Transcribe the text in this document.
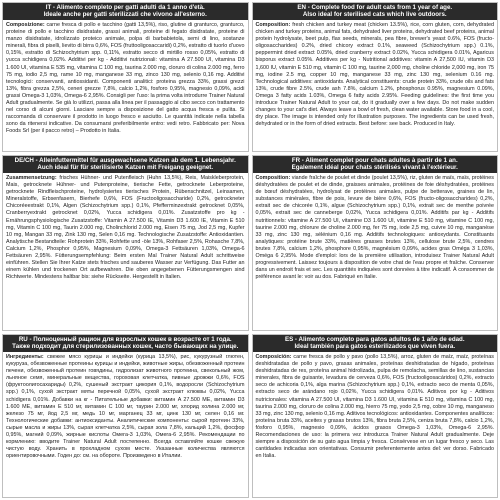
IT - Alimento completo per gatti adulti da 1 anno d'età.
Ideale anche per gatti sterilizzati che vivono all'esterno.

Composizione: carne fresca di pollo e tacchino (gatti 13,5%), riso, glutine di granturco, granturco, proteine di pollo e tacchino disidratate, grassi animali, proteine di fegato disidratate, proteine di manzo disidratate, idrolizzato proteico animale, polpa di barbabietola, semi di lino, sostanze minerali, fibra di piselli, lievito di birra 0,6%, FOS (fruttooligosaccaridi) 0,2%, estratto di tuorlo d'uovo 0,15%, estratto di Schizochytrium spp. 0,11%, estratto secco di mirtillo rosso 0,05%, estratto di yucca schidigera 0,02%. Additivi per kg - Additivi nutrizionali: vitamina A 27.500 UI, vitamina D3 1.600 UI, vitamina E 535 mg, vitamina C 100 mg, taurina 2.000 mg, cloruro di colina 2.000 mg, ferro 75 mg, iodio 2,5 mg, rame 10 mg, manganese 33 mg, zinco 130 mg, selenio 0,16 mg. Additivi tecnologici: conservanti, antiossidanti. Componenti analitici: proteina grezza 33%, grassi grezzi 13%, fibra grezza 2,5%, ceneri grezze 7,8%, calcio 1,2%, fosforo 0,95%, magnesio 0,09%, acidi grassi Omega-3 1,03%, Omega-6 2,95%. Consigli per l'uso: la prima volta introdurre Trainer Natural Adult gradualmente. Se già lo utilizzi, passa alla linea per il passaggio al cibo secco con trattamento nel corso di alcuni giorni. Lasciare sempre a disposizione del gatto acqua fresca e pulita. Si raccomanda di conservare il prodotto in luogo fresco e asciutto. Le quantità indicate nella tabella sono da ritenersi indicative. Da consumarsi preferibilmente entro: vedi retro. Fabbricato per: Nova Foods Srl (per il pacco retro) – Prodotto in Italia.

EN - Complete food for adult cats from 1 year of age.
Also ideal for sterilised cats which live outdoors.

Composition: fresh chicken and turkey meat (chicken 13.5%), rice, corn gluten, corn, dehydrated chicken and turkey proteins, animal fats, dehydrated liver proteins, dehydrated beef proteins, animal protein hydrolysate, beet pulp, flax seeds, minerals, pea fibre, brewer's yeast 0.6%, FOS (fructo-oligosaccharides) 0.2%, dried chicory extract 0.1%, seaweed (Schizochytrium spp.) 0.1%, peppermint dried extract 0.05%, dried cranberry extract 0.02%, Yucca schidigera 0.01%, Agaricus bisporus extract 0.05%. Additives per kg - Nutritional additives: vitamin A 27,500 IU, vitamin D3 1,600 IU, vitamin E 510 mg, vitamin C 100 mg, taurine 2,000 mg, choline chloride 2,000 mg, iron 75 mg, iodine 2.5 mg, copper 10 mg, manganese 33 mg, zinc 130 mg, selenium 0.16 mg. Technological additives: antioxidants. Analytical constituents: crude protein 33%, crude oils and fats 13%, crude fibre 2.5%, crude ash 7.8%, calcium 1.2%, phosphorus 0.95%, magnesium 0.09%, Omega 3 fatty acids 1.03%, Omega 6 fatty acids 2.95%. Feeding guidelines: the first time you introduce Trainer Natural Adult to your cat, do it gradually over a few days. Do not make sudden changes to your cat's diet. Always leave a bowl of fresh, clean water available. Store food in a cool, dry place. The image is intended only for illustration purposes. The ingredients can be used fresh, dehydrated or in the form of dried extracts. Best before: see back. Produced in Italy.

DE/CH - Alleinfuttermittel für ausgewachsene Katzen ab dem 1. Lebensjahr.
Auch ideal für für sterilisierte Katzen mit Freigang geeignet.

Zusammensetzung: frisches Hühner- und Putenfleisch (Huhn 13,5%), Reis, Maiskleberprotein, Mais, getrocknete Hühner- und Putenproteine, tierische Fette, getrocknete Leberproteine, getrocknete Rindfleischproteine, hydrolysiertes tierisches Protein, Rübenschnitzel, Leinsamen, Mineralstoffe, Erbsenfasern, Bierhefe 0,6%, FOS (Fructooligosaccharide) 0,2%, getrockneter Chicoréeextrakt 0,1%, Algen (Schizochytrium spp.) 0,1%, Pfefferminzextrakt getrocknet 0,05%, Cranberryextrakt getrocknet 0,02%, Yucca schidigera 0,01%. Zusatzstoffe pro kg - Ernährungsphysiologische Zusatzstoffe: Vitamin A 27.500 IE, Vitamin D3 1.600 IE, Vitamin E 510 mg, Vitamin C 100 mg, Taurin 2.000 mg, Cholinchlorid 2.000 mg, Eisen 75 mg, Jod 2,5 mg, Kupfer 10 mg, Mangan 33 mg, Zink 130 mg, Selen 0,16 mg. Technologische Zusatzstoffe: Antioxidantien. Analytische Bestandteile: Rohprotein 33%, Rohfette und -öle 13%, Rohfaser 2,5%, Rohasche 7,8%, Calcium 1,2%, Phosphor 0,95%, Magnesium 0,09%, Omega-3 Fettsäuren 1,03%, Omega-6 Fettsäuren 2,95%. Fütterungsempfehlung: Beim ersten Mal Trainer Natural Adult schrittweise einführen. Stellen Sie Ihrer Katze stets frisches und sauberes Wasser zur Verfügung. Das Futter an einem kühlen und trockenen Ort aufbewahren. Die oben angegebenen Fütterungsmengen sind Richtwerte. Mindestens haltbar bis: siehe Rückseite. Hergestellt in Italien.

FR - Aliment complet pour chats adultes à partir de 1 an.
Également idéal pour chats stérilisés vivant à l'extérieur.

Composition: viande fraîche de poulet et dinde (poulet 13,5%), riz, gluten de maïs, maïs, protéines déshydratées de poulet et de dinde, graisses animales, protéines de foie déshydratées, protéines de bœuf déshydratées, hydrolysat de protéines animales, pulpe de betterave, graines de lin, substances minérales, fibre de pois, levure de bière 0,6%, FOS (fructo-oligosaccharides) 0,2%, extrait sec de chicorée 0,1%, algue (Schizochytrium spp.) 0,1%, extrait sec de menthe poivrée 0,05%, extrait sec de canneberge 0,02%, Yucca schidigera 0,01%. Additifs par kg - Additifs nutritionnels: vitamine A 27.500 UI, vitamine D3 1.600 UI, vitamine E 510 mg, vitamine C 100 mg, taurine 2.000 mg, chlorure de choline 2.000 mg, fer 75 mg, iode 2,5 mg, cuivre 10 mg, manganèse 33 mg, zinc 130 mg, sélénium 0,16 mg. Additifs technologiques: antioxydants. Constituants analytiques: protéine brute 33%, matières grasses brutes 13%, cellulose brute 2,5%, cendres brutes 7,8%, calcium 1,2%, phosphore 0,95%, magnésium 0,09%, acides gras Oméga 3 1,03%, Oméga 6 2,95%. Mode d'emploi: lors de la première utilisation, introduisez Trainer Natural Adult progressivement. Laissez toujours à disposition de votre chat de l'eau propre et fraîche. Conserver dans un endroit frais et sec. Les quantités indiquées sont données à titre indicatif. À consommer de préférence avant le: voir au dos. Fabriqué en Italie.

RU - Полноценный рацион для взрослых кошек в возрасте от 1 года.
Также подходит для стерилизованных кошек, часто бывающих на улице.

Ингредиенты: свежее мясо курицы и индейки (курица 13,5%), рис, кукурузный глютен, кукуруза, обезвоженные протеины курицы и индейки, животные жиры, обезвоженный протеин печени, обезвоженный протеин говядины, гидролизат животного протеина, свекольный жом, льняное семя, минеральные вещества, гороховая клетчатка, пивные дрожжи 0,6%, FOS (фруктоолигосахариды) 0,2%, сушеный экстракт цикория 0,1%, водоросли (Schizochytrium spp.) 0,1%, сухой экстракт мяты перечной 0,05%, сухой экстракт клюквы 0,02%, Yucca schidigera 0,01%. Добавки на кг - Питательные добавки: витамин A 27.500 МЕ, витамин D3 1.600 МЕ, витамин E 510 мг, витамин C 100 мг, таурин 2.000 мг, хлорид холина 2.000 мг, железо 75 мг, йод 2,5 мг, медь 10 мг, марганец 33 мг, цинк 130 мг, селен 0,16 мг. Технологические добавки: антиоксиданты. Аналитические компоненты: сырой протеин 33%, сырые масла и жиры 13%, сырая клетчатка 2,5%, сырая зола 7,8%, кальций 1,2%, фосфор 0,95%, магний 0,09%, жирные кислоты Омега-3 1,03%, Омега-6 2,95%. Рекомендации по кормлению: вводите Trainer Natural Adult постепенно. Всегда оставляйте кошке свежую чистую воду. Хранить в прохладном сухом месте. Указанные количества являются ориентировочными. Годен до: см. на обороте. Произведено в Италии.

ES - Alimento completo para gatos adultos de 1 año de edad.
Ideal también para gatos esterilizados que viven fuera.

Composición: carne fresca de pollo y pavo (pollo 13,5%), arroz, gluten de maíz, maíz, proteínas deshidratadas de pollo y pavo, grasas animales, proteínas deshidratadas de hígado, proteínas deshidratadas de res, proteína animal hidrolizada, pulpa de remolacha, semillas de lino, sustancias minerales, fibra de guisante, levadura de cerveza 0,6%, FOS (fructooligosacáridos) 0,2%, extracto seco de achicoria 0,1%, alga marina (Schizochytrium spp.) 0,1%, extracto seco de menta 0,05%, extracto seco de arándano rojo 0,02%, Yucca schidigera 0,01%. Aditivos por kg - Aditivos nutricionales: vitamina A 27.500 UI, vitamina D3 1.600 UI, vitamina E 510 mg, vitamina C 100 mg, taurina 2.000 mg, cloruro de colina 2.000 mg, hierro 75 mg, yodo 2,5 mg, cobre 10 mg, manganeso 33 mg, zinc 130 mg, selenio 0,16 mg. Aditivos tecnológicos: antioxidantes. Componentes analíticos: proteína bruta 33%, aceites y grasas brutos 13%, fibra bruta 2,5%, ceniza bruta 7,8%, calcio 1,2%, fósforo 0,95%, magnesio 0,09%, ácidos grasos Omega-3 1,03%, Omega-6 2,95%. Recomendaciones de uso: la primera vez introduzca Trainer Natural Adult gradualmente. Deje siempre a disposición de su gato agua limpia y fresca. Consérvese en un lugar fresco y seco. Las cantidades indicadas son orientativas. Consumir preferentemente antes del: ver dorso. Fabricado en Italia.
